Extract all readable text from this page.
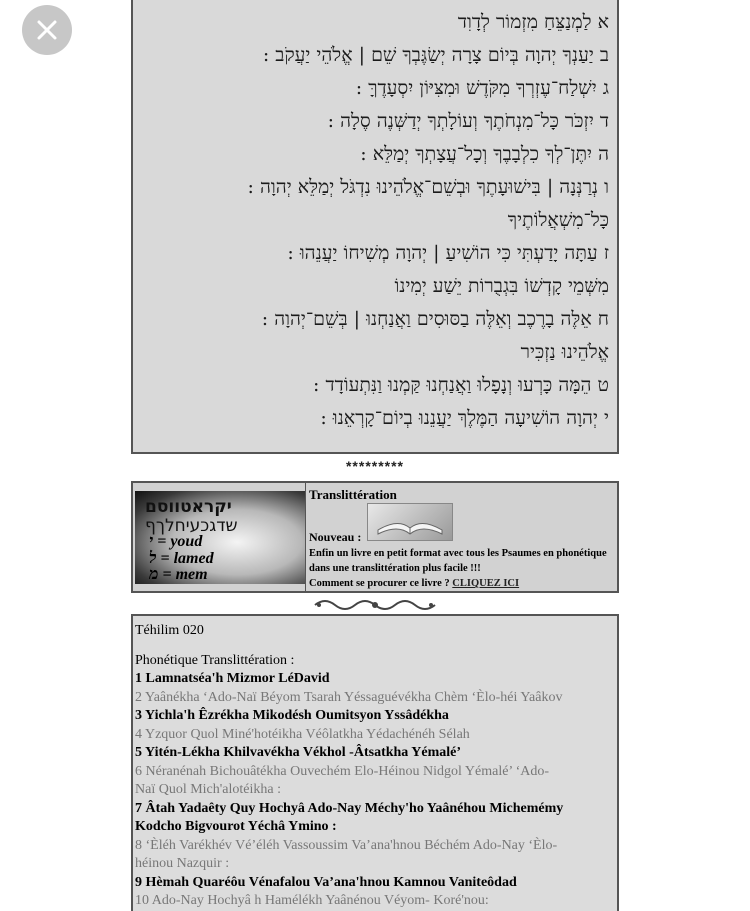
א לַמְנַצֵּחַ מִזְמוֹר לְדָוִד
ב יַעַנְךָ יְהוָה בְּיוֹם צָרָה יְשַׂגֶּבְךָ שֵׁם | אֱלֹהֵי יַעֲקֹב :
ג יִשְׁלַח־עֶזְרְךָ מִקֹּדֶשׁ וּמִצִּיּוֹן יִסְעָדֶךָּ :
ד יִזְכֹּר כָּל־מִנְחֹתֶךָ וְעוֹלָתְךָ יְדַשְּׁנֶה סֶלָה :
ה יִתֶּן־לְךָ כִלְבָבֶךָ וְכָל־עֲצָתְךָ יְמַלֵּא :
ו נְרַנְּנָה | בִּישׁוּעָתֶךָ וּבְשֵׁם־אֱלֹהֵינוּ נִדְגֹּל יְמַלֵּא יְהוָה :
כָּל־מִשְׁאֲלוֹתֶיךָ
ז עַתָּה יָדַעְתִּי כִּי הוֹשִׁיעַ | יְהוָה מְשִׁיחוֹ יַעֲנֵהוּ :
מִשְּׁמֵי קָדְשׁוֹ בִּגְבֻרוֹת יֵשַׁע יְמִינוֹ
ח אֵלֶּה בָרֶכֶב וְאֵלֶּה בַסּוּסִים וַאֲנַחְנוּ | בְּשֵׁם־יְהוָה :
אֱלֹהֵינוּ נַזְכִּיר
ט הֵמָּה כָּרְעוּ וְנָפָלוּ וַאֲנַחְנוּ קַּמְנוּ וַנִּתְעוֹדָד :
י יְהוָה הוֹשִׁיעָה הַמֶּלֶךְ יַעֲנֵנוּ בְיוֹם־קָרְאֵנוּ :
*********
יקראטווסם
שדגכעיחלךף
י = youd
ל = lamed
מ = mem
Translittération
Nouveau :
Enfin un livre en petit format avec tous les Psaumes en phonétique dans une translittération plus facile !!!
Comment se procurer ce livre ? CLIQUEZ ICI
Téhilim 020
Phonétique Translittération :
1 Lamnatséa'h Mizmor LéDavid
2 Yaânékha ‘Ado-Naï Béyom Tsarah Yéssaguévékha Chèm ‘Èlo-héi Yaâkov
3 Yichla'h Êzrékha Mikodésh Oumitsyon Yssâdékha
4 Yzquor Quol Miné'hotéikha Véôlatkha Yédachénéh Sélah
5 Yitén-Lékha Khilvavékha Vékhol -Âtsatkha Yémalé’
6 Néranénah Bichouâtékha Ouvechém Elo-Héinou Nidgol Yémalé’ ‘Ado-
Naï Quol Mich'alotéikha :
7 Âtah Yadaêty Quy Hochyâ Ado-Nay Méchy'ho Yaânéhou Michemémy
Kodcho Bigvourot Yéchâ Ymino :
8 ‘Èléh Varékhév Vé’éléh Vassoussim Va’ana'hnou Béchém Ado-Nay ‘Èlo-
héinou Nazquir :
9 Hèmah Quaréôu Vénafalou Va’ana'hnou Kamnou Vaniteôdad
10 Ado-Nay Hochyâ h Hamélékh Yaânénou Véyom- Koré'nou:
